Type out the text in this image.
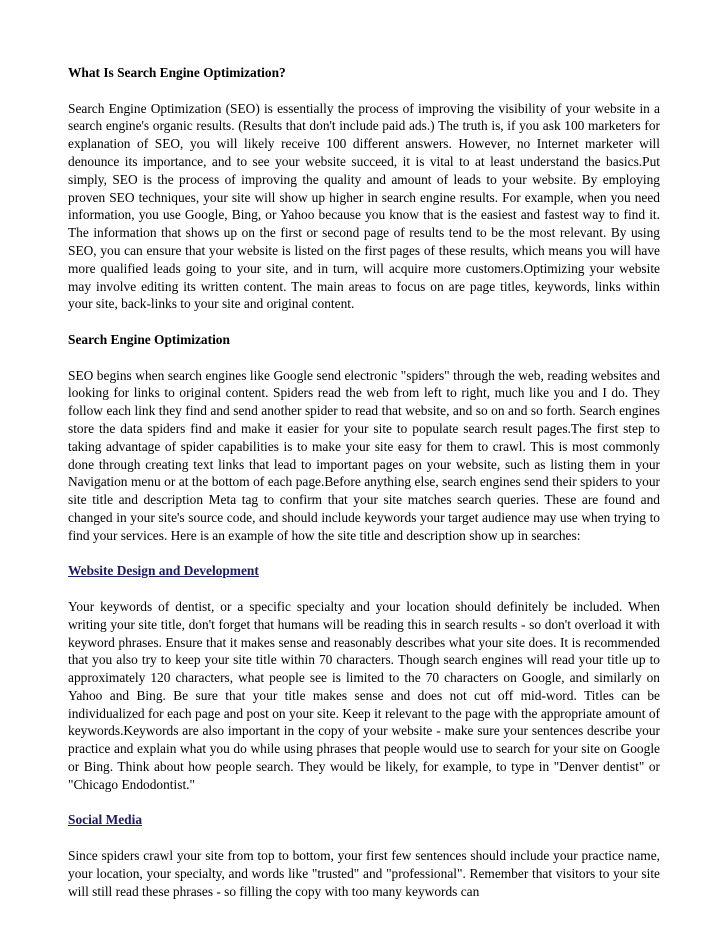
What Is Search Engine Optimization?

Search Engine Optimization (SEO) is essentially the process of improving the visibility of your website in a search engine's organic results. (Results that don't include paid ads.) The truth is, if you ask 100 marketers for explanation of SEO, you will likely receive 100 different answers. However, no Internet marketer will denounce its importance, and to see your website succeed, it is vital to at least understand the basics.Put simply, SEO is the process of improving the quality and amount of leads to your website. By employing proven SEO techniques, your site will show up higher in search engine results. For example, when you need information, you use Google, Bing, or Yahoo because you know that is the easiest and fastest way to find it. The information that shows up on the first or second page of results tend to be the most relevant. By using SEO, you can ensure that your website is listed on the first pages of these results, which means you will have more qualified leads going to your site, and in turn, will acquire more customers.Optimizing your website may involve editing its written content. The main areas to focus on are page titles, keywords, links within your site, back-links to your site and original content.

Search Engine Optimization

SEO begins when search engines like Google send electronic "spiders" through the web, reading websites and looking for links to original content. Spiders read the web from left to right, much like you and I do. They follow each link they find and send another spider to read that website, and so on and so forth. Search engines store the data spiders find and make it easier for your site to populate search result pages.The first step to taking advantage of spider capabilities is to make your site easy for them to crawl. This is most commonly done through creating text links that lead to important pages on your website, such as listing them in your Navigation menu or at the bottom of each page.Before anything else, search engines send their spiders to your site title and description Meta tag to confirm that your site matches search queries. These are found and changed in your site's source code, and should include keywords your target audience may use when trying to find your services. Here is an example of how the site title and description show up in searches:

Website Design and Development

Your keywords of dentist, or a specific specialty and your location should definitely be included. When writing your site title, don't forget that humans will be reading this in search results - so don't overload it with keyword phrases. Ensure that it makes sense and reasonably describes what your site does. It is recommended that you also try to keep your site title within 70 characters. Though search engines will read your title up to approximately 120 characters, what people see is limited to the 70 characters on Google, and similarly on Yahoo and Bing. Be sure that your title makes sense and does not cut off mid-word. Titles can be individualized for each page and post on your site. Keep it relevant to the page with the appropriate amount of keywords.Keywords are also important in the copy of your website - make sure your sentences describe your practice and explain what you do while using phrases that people would use to search for your site on Google or Bing. Think about how people search. They would be likely, for example, to type in "Denver dentist" or "Chicago Endodontist."

Social Media

Since spiders crawl your site from top to bottom, your first few sentences should include your practice name, your location, your specialty, and words like "trusted" and "professional". Remember that visitors to your site will still read these phrases - so filling the copy with too many keywords can
